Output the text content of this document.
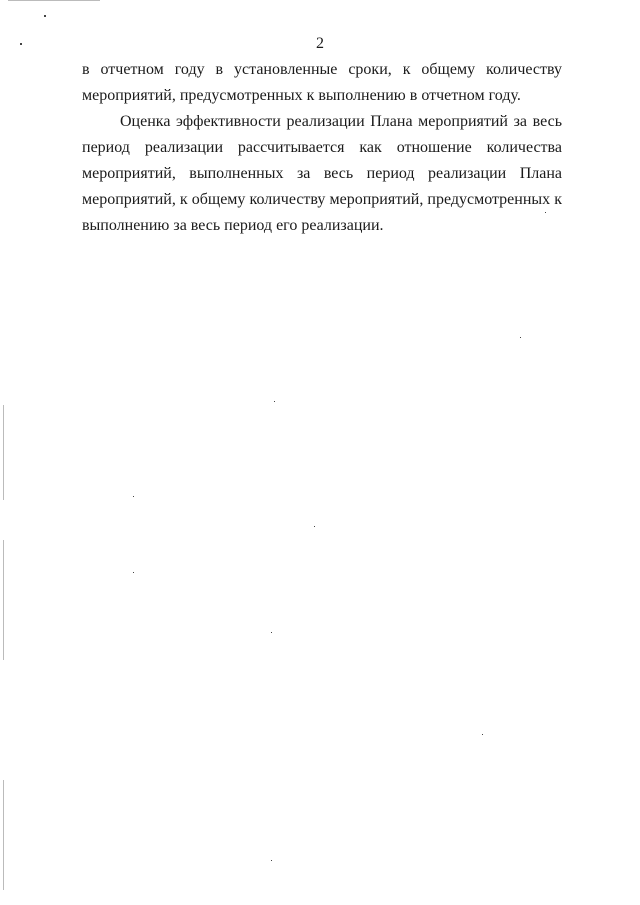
2
в отчетном году в установленные сроки, к общему количеству
мероприятий, предусмотренных к выполнению в отчетном году.
Оценка эффективности реализации Плана мероприятий за весь
период реализации рассчитывается как отношение количества
мероприятий, выполненных за весь период реализации Плана
мероприятий, к общему количеству мероприятий, предусмотренных к
выполнению за весь период его реализации.
